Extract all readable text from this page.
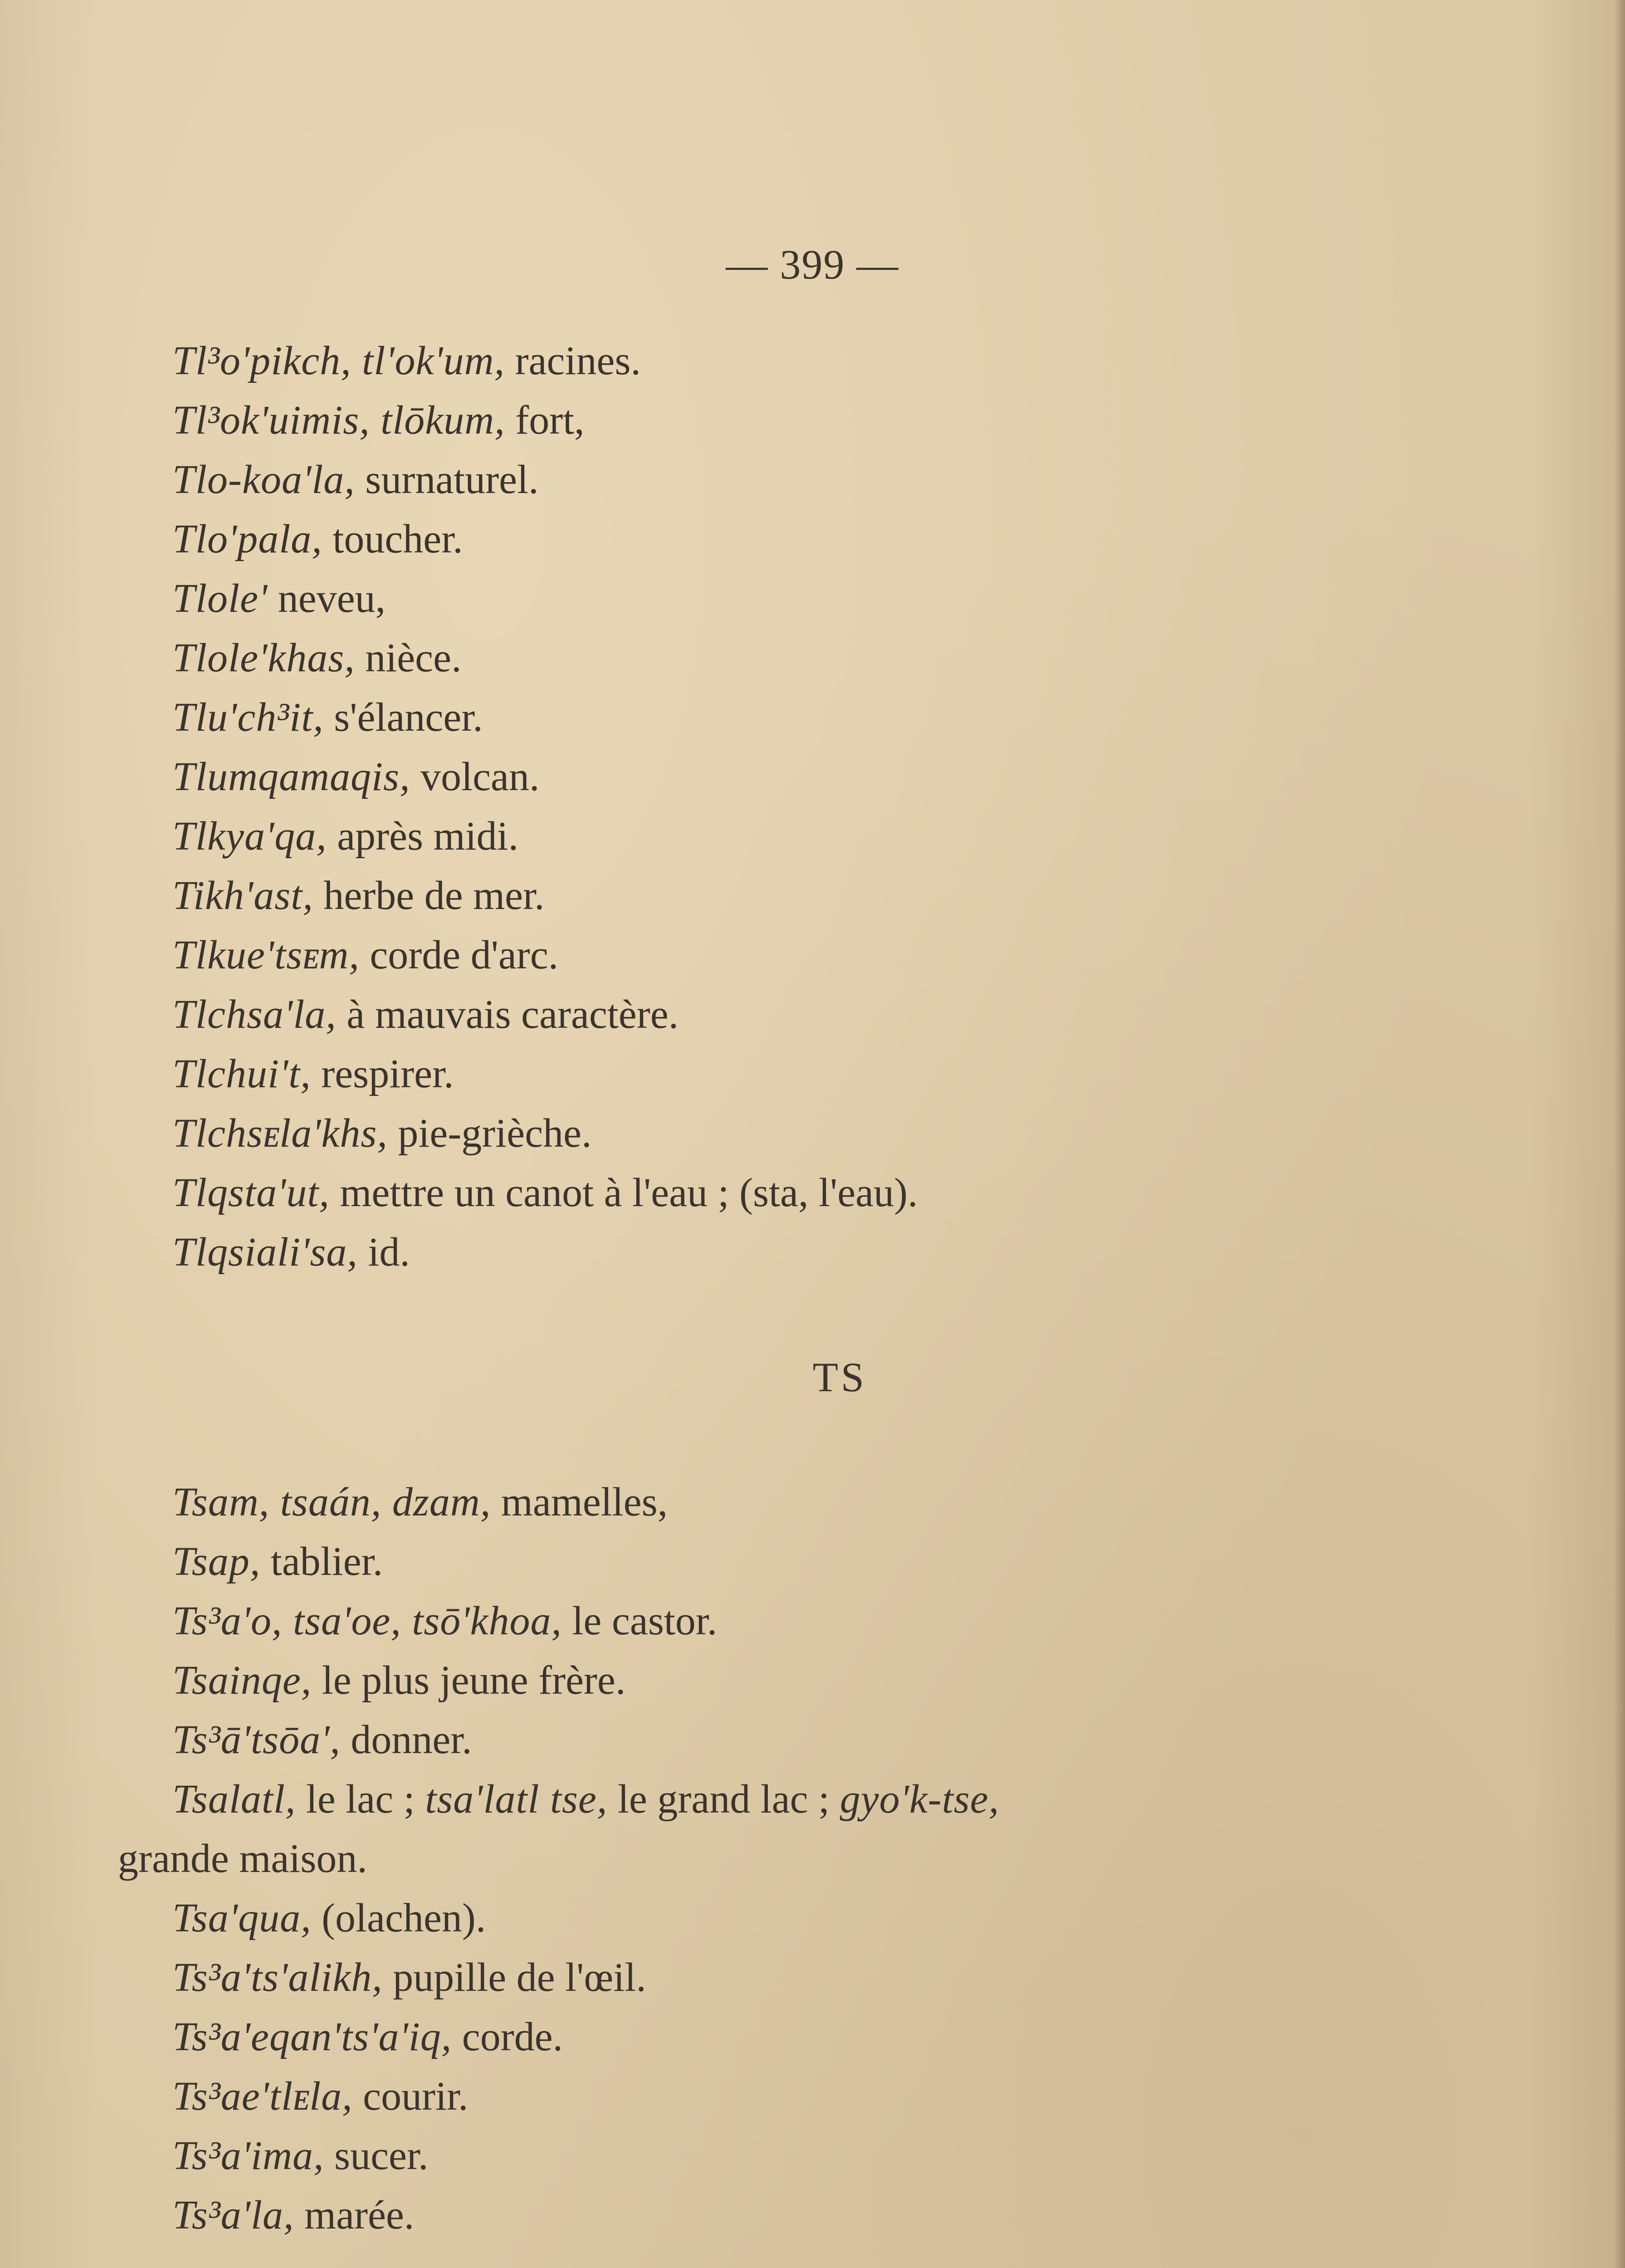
— 399 —
Tl³o'pikch, tl'ok'um, racines.
Tl³ok'uimis, tlōkum, fort,
Tlo-koa'la, surnaturel.
Tlo'pala, toucher.
Tlole' neveu,
Tlole'khas, nièce.
Tlu'ch³it, s'élancer.
Tlumqamaqis, volcan.
Tlkya'qa, après midi.
Tikh'ast, herbe de mer.
Tlkue'tsᴇm, corde d'arc.
Tlchsa'la, à mauvais caractère.
Tlchui't, respirer.
Tlchsᴇla'khs, pie-grièche.
Tlqsta'ut, mettre un canot à l'eau ; (sta, l'eau).
Tlqsiali'sa, id.
TS
Tsam, tsaán, dzam, mamelles,
Tsap, tablier.
Ts³a'o, tsa'oe, tsō'khoa, le castor.
Tsainqe, le plus jeune frère.
Ts³ā'tsōa', donner.
Tsalatl, le lac ; tsa'latl tse, le grand lac ; gyo'k-tse,
grande maison.
Tsa'qua, (olachen).
Ts³a'ts'alikh, pupille de l'œil.
Ts³a'eqan'ts'a'iq, corde.
Ts³ae'tlᴇla, courir.
Ts³a'ima, sucer.
Ts³a'la, marée.
